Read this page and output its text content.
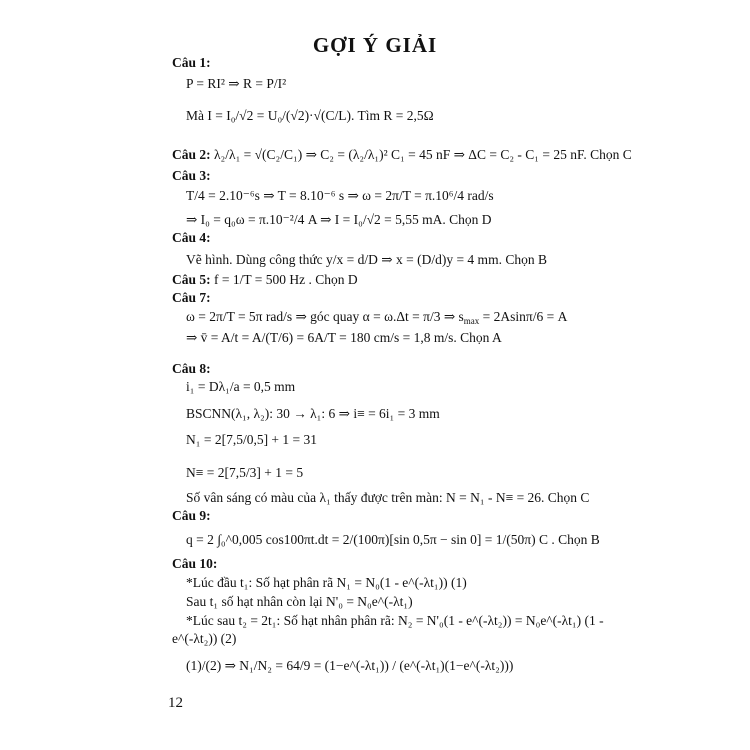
GỢI Ý GIẢI
Câu 1:
P = RI² ⇒ R = P/I²
Mà I = I₀/√2 = U₀/(√2)·√(C/L). Tìm R = 2,5Ω
Câu 2: λ₂/λ₁ = √(C₂/C₁) ⇒ C₂ = (λ₂/λ₁)² C₁ = 45 nF ⇒ ΔC = C₂ - C₁ = 25 nF. Chọn C
Câu 3:
T/4 = 2.10⁻⁶s ⇒ T = 8.10⁻⁶ s ⇒ ω = 2π/T = π.10⁶/4 rad/s
⇒ I₀ = q₀ω = π.10⁻²/4 A ⇒ I = I₀/√2 = 5,55 mA. Chọn D
Câu 4:
Vẽ hình. Dùng công thức y/x = d/D ⇒ x = (D/d)y = 4 mm. Chọn B
Câu 5: f = 1/T = 500 Hz . Chọn D
Câu 7:
ω = 2π/T = 5π rad/s ⇒ góc quay α = ω.Δt = π/3 ⇒ $s_{max} = 2Asin\pi/6 = A$
⇒ v̄ = A/t = A/(T/6) = 6A/T = 180 cm/s = 1,8 m/s. Chọn A
Câu 8:
i₁ = Dλ₁/a = 0,5 mm
BSCNN(λ₁, λ₂): 30 → λ₁: 6 ⇒ i≡ = 6i₁ = 3 mm
N₁ = 2[7,5/0,5] + 1 = 31
N≡ = 2[7,5/3] + 1 = 5
Số vân sáng có màu của λ₁ thấy được trên màn: N = N₁ - N≡ = 26. Chọn C
Câu 9:
q = 2 ∫₀^0,005 cos100πt.dt = 2/(100π)[sin 0,5π − sin 0] = 1/(50π) C . Chọn B
Câu 10:
*Lúc đầu t₁: Số hạt phân rã N₁ = N₀(1 - e^(-λt₁)) (1)
Sau t₁ số hạt nhân còn lại N'₀ = N₀e^(-λt₁)
*Lúc sau t₂ = 2t₁: Số hạt nhân phân rã: N₂ = N'₀(1 - e^(-λt₂)) = N₀e^(-λt₁) (1 -
e^(-λt₂)) (2)
(1)/(2) ⇒ N₁/N₂ = 64/9 = (1−e^(-λt₁)) / (e^(-λt₁)(1−e^(-λt₂)))
12
